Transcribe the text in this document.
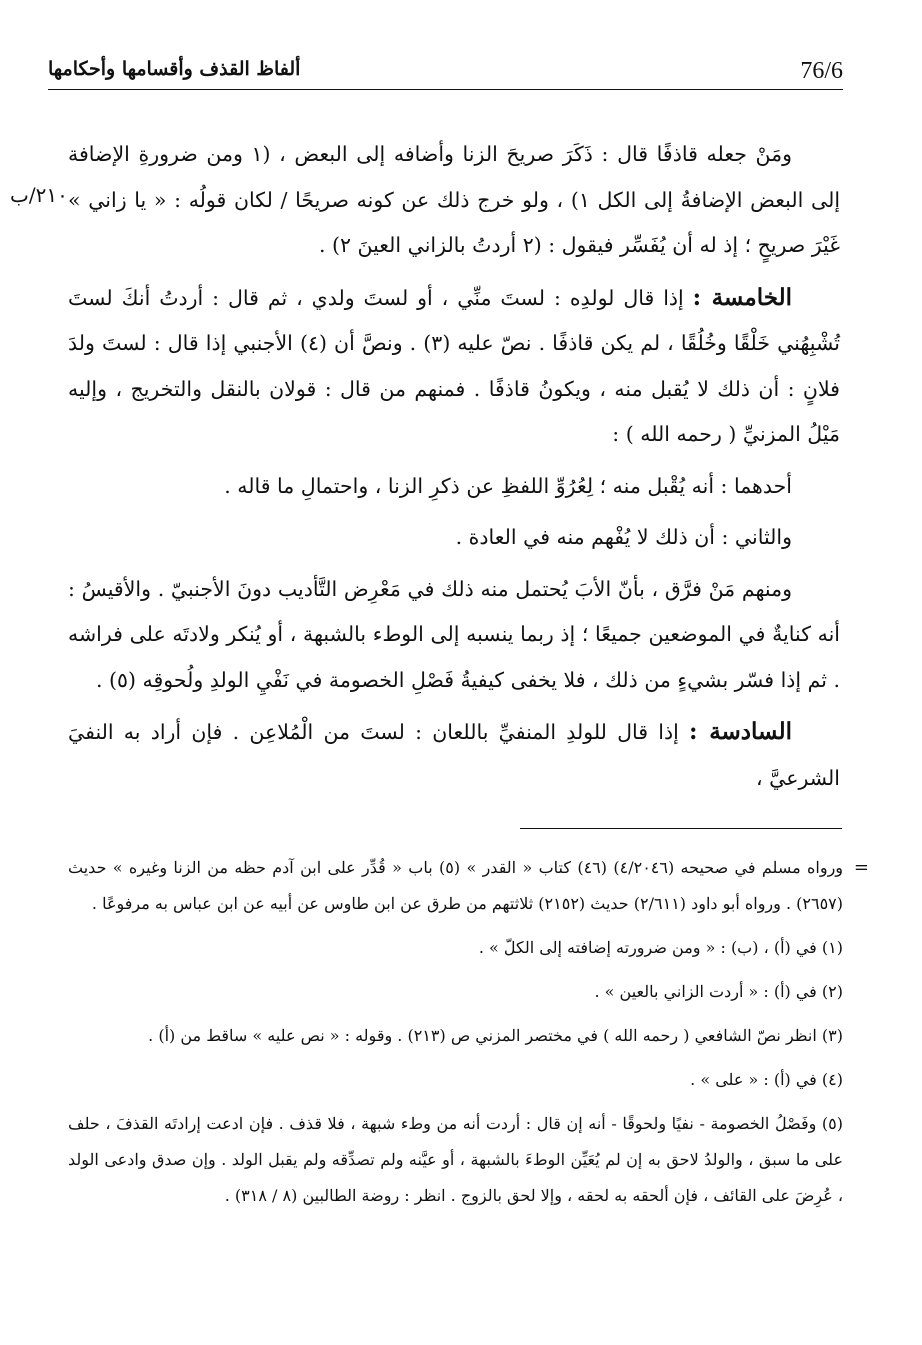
76/6
ألفاظ القذف وأقسامها وأحكامها
٢١٠/ب

ومَنْ جعله قاذفًا قال : ذَكَرَ صريحَ الزنا وأضافه إلى البعض ، (١ ومن ضرورةِ الإضافة إلى البعض الإضافةُ إلى الكل ١) ، ولو خرج ذلك عن كونه صريحًا / لكان قولُه : « يا زاني » غَيْرَ صريحٍ ؛ إذ له أن يُفَسِّر فيقول : (٢ أردتُ بالزاني العينَ ٢) .

الخامسة : إذا قال لولدِه : لستَ منِّي ، أو لستَ ولدي ، ثم قال : أردتُ أنكَ لستَ تُشْبِهُني خَلْقًا وخُلُقًا ، لم يكن قاذفًا . نصّ عليه (٣) . ونصَّ أن (٤) الأجنبي إذا قال : لستَ ولدَ فلانٍ : أن ذلك لا يُقبل منه ، ويكونُ قاذفًا . فمنهم من قال : قولان بالنقل والتخريج ، وإليه مَيْلُ المزنيِّ ( رحمه الله ) :

أحدهما : أنه يُقْبل منه ؛ لِعُرُوِّ اللفظِ عن ذكرِ الزنا ، واحتمالِ ما قاله .

والثاني : أن ذلك لا يُفْهم منه في العادة .

ومنهم مَنْ فرَّق ، بأنّ الأبَ يُحتمل منه ذلك في مَعْرِض التَّأديب دونَ الأجنبيّ . والأقيسُ : أنه كنايةٌ في الموضعين جميعًا ؛ إذ ربما ينسبه إلى الوطء بالشبهة ، أو يُنكر ولادتَه على فراشه . ثم إذا فسّر بشيءٍ من ذلك ، فلا يخفى كيفيةُ فَصْلِ الخصومة في نَفْيِ الولدِ ولُحوقِه (٥) .

السادسة : إذا قال للولدِ المنفيِّ باللعان : لستَ من الْمُلاعِن . فإن أراد به النفيَ الشرعيَّ ،

=
ورواه مسلم في صحيحه (٤/٢٠٤٦) (٤٦) كتاب « القدر » (٥) باب « قُدِّر على ابن آدم حظه من الزنا وغيره » حديث (٢٦٥٧) . ورواه أبو داود (٢/٦١١) حديث (٢١٥٢) ثلاثتهم من طرق عن ابن طاوس عن أبيه عن ابن عباس به مرفوعًا .

(١) في (أ) ، (ب) : « ومن ضرورته إضافته إلى الكلّ » .

(٢) في (أ) : « أردت الزاني بالعين » .

(٣) انظر نصّ الشافعي ( رحمه الله ) في مختصر المزني ص (٢١٣) . وقوله : « نص عليه » ساقط من (أ) .

(٤) في (أ) : « على » .

(٥) وفَصْلُ الخصومة - نفيًا ولحوقًا - أنه إن قال : أردت أنه من وطء شبهة ، فلا قذف . فإن ادعت إرادتَه القذفَ ، حلف على ما سبق ، والولدُ لاحق به إن لم يُعَيِّن الوطءَ بالشبهة ، أو عيَّنه ولم تصدِّقه ولم يقبل الولد . وإن صدق وادعى الولد ، عُرِضَ على القائف ، فإن ألحقه به لحقه ، وإلا لحق بالزوج . انظر : روضة الطالبين (٨ / ٣١٨) .
